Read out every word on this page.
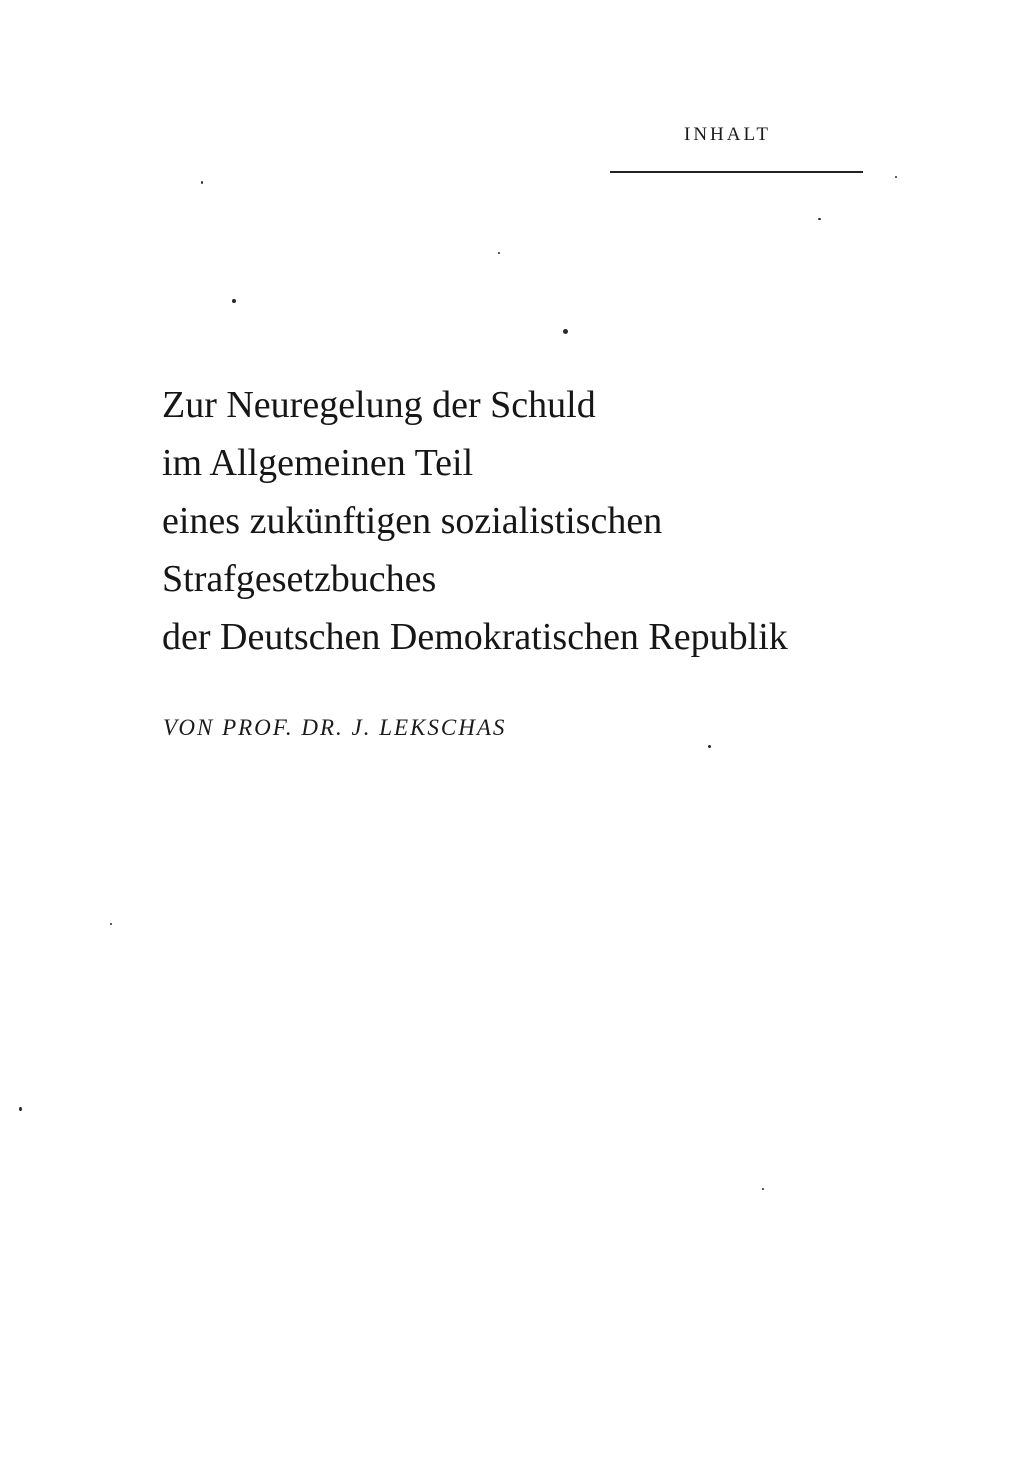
INHALT
Zur Neuregelung der Schuld
im Allgemeinen Teil
eines zukünftigen sozialistischen
Strafgesetzbuches
der Deutschen Demokratischen Republik
VON PROF. DR. J. LEKSCHAS
